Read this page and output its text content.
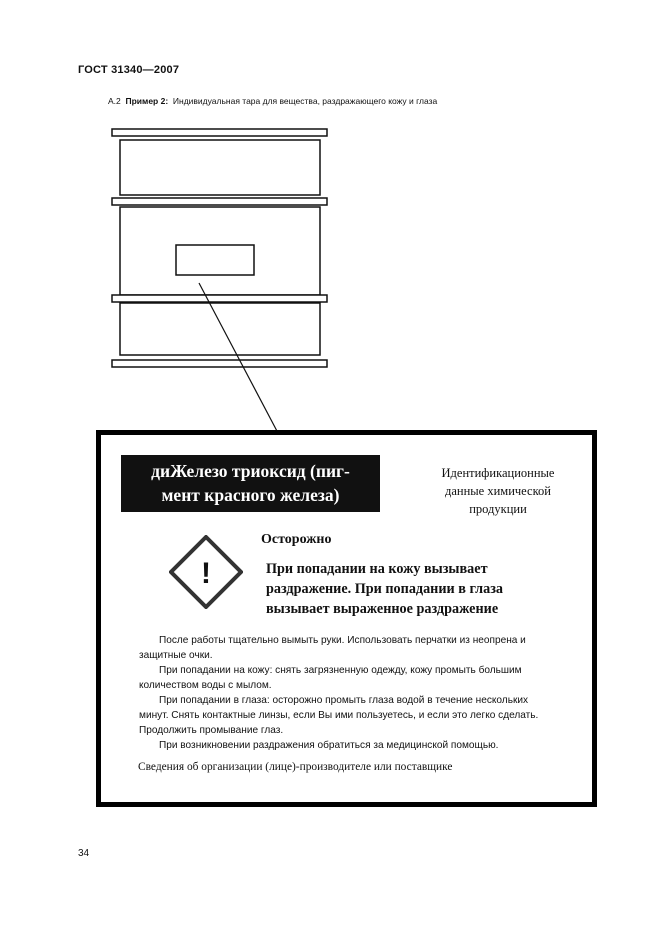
ГОСТ 31340—2007
А.2 Пример 2: Индивидуальная тара для вещества, раздражающего кожу и глаза
диЖелезо триоксид (пиг-
мент красного железа)
Идентификационные
данные химической
продукции
Осторожно
!	При попадании на кожу вызывает
раздражение. При попадании в глаза
вызывает выраженное раздражение

После работы тщательно вымыть руки. Использовать перчатки из неопрена и защитные очки.

При попадании на кожу: снять загрязненную одежду, кожу промыть большим количеством воды с мылом.

При попадании в глаза: осторожно промыть глаза водой в течение нескольких минут. Снять контактные линзы, если Вы ими пользуетесь, и если это легко сделать. Продолжить промывание глаз.

При возникновении раздражения обратиться за медицинской помощью.

Сведения об организации (лице)-производителе или поставщике
34
